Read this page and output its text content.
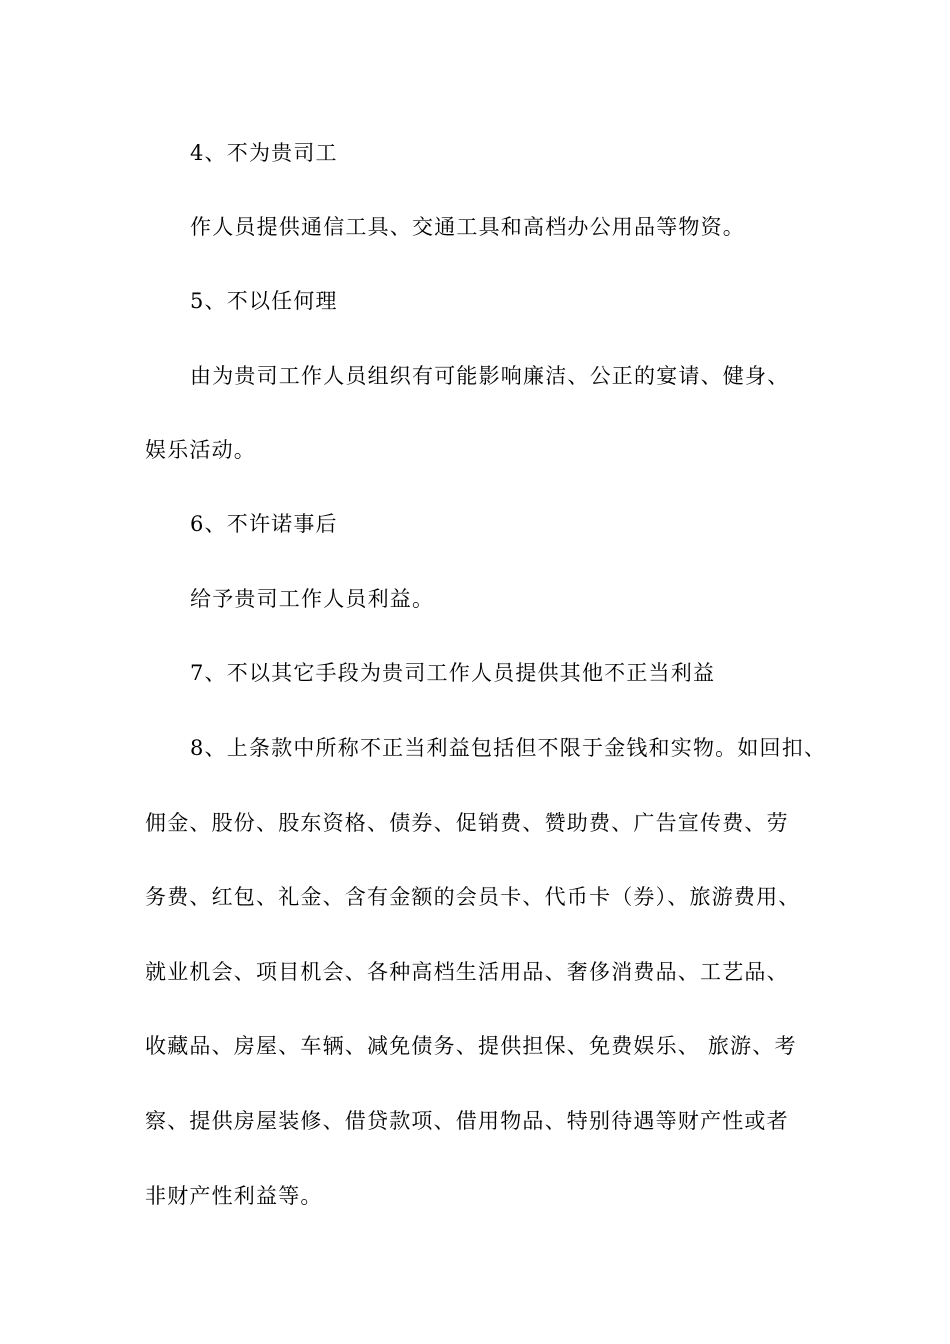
4、不为贵司工
作人员提供通信工具、交通工具和高档办公用品等物资。
5、不以任何理
由为贵司工作人员组织有可能影响廉洁、公正的宴请、健身、
娱乐活动。
6、不许诺事后
给予贵司工作人员利益。
7、不以其它手段为贵司工作人员提供其他不正当利益
8、上条款中所称不正当利益包括但不限于金钱和实物。如回扣、
佣金、股份、股东资格、债券、促销费、赞助费、广告宣传费、劳
务费、红包、礼金、含有金额的会员卡、代币卡（券）、旅游费用、
就业机会、项目机会、各种高档生活用品、奢侈消费品、工艺品、
收藏品、房屋、车辆、减免债务、提供担保、免费娱乐、 旅游、考
察、提供房屋装修、借贷款项、借用物品、特别待遇等财产性或者
非财产性利益等。
